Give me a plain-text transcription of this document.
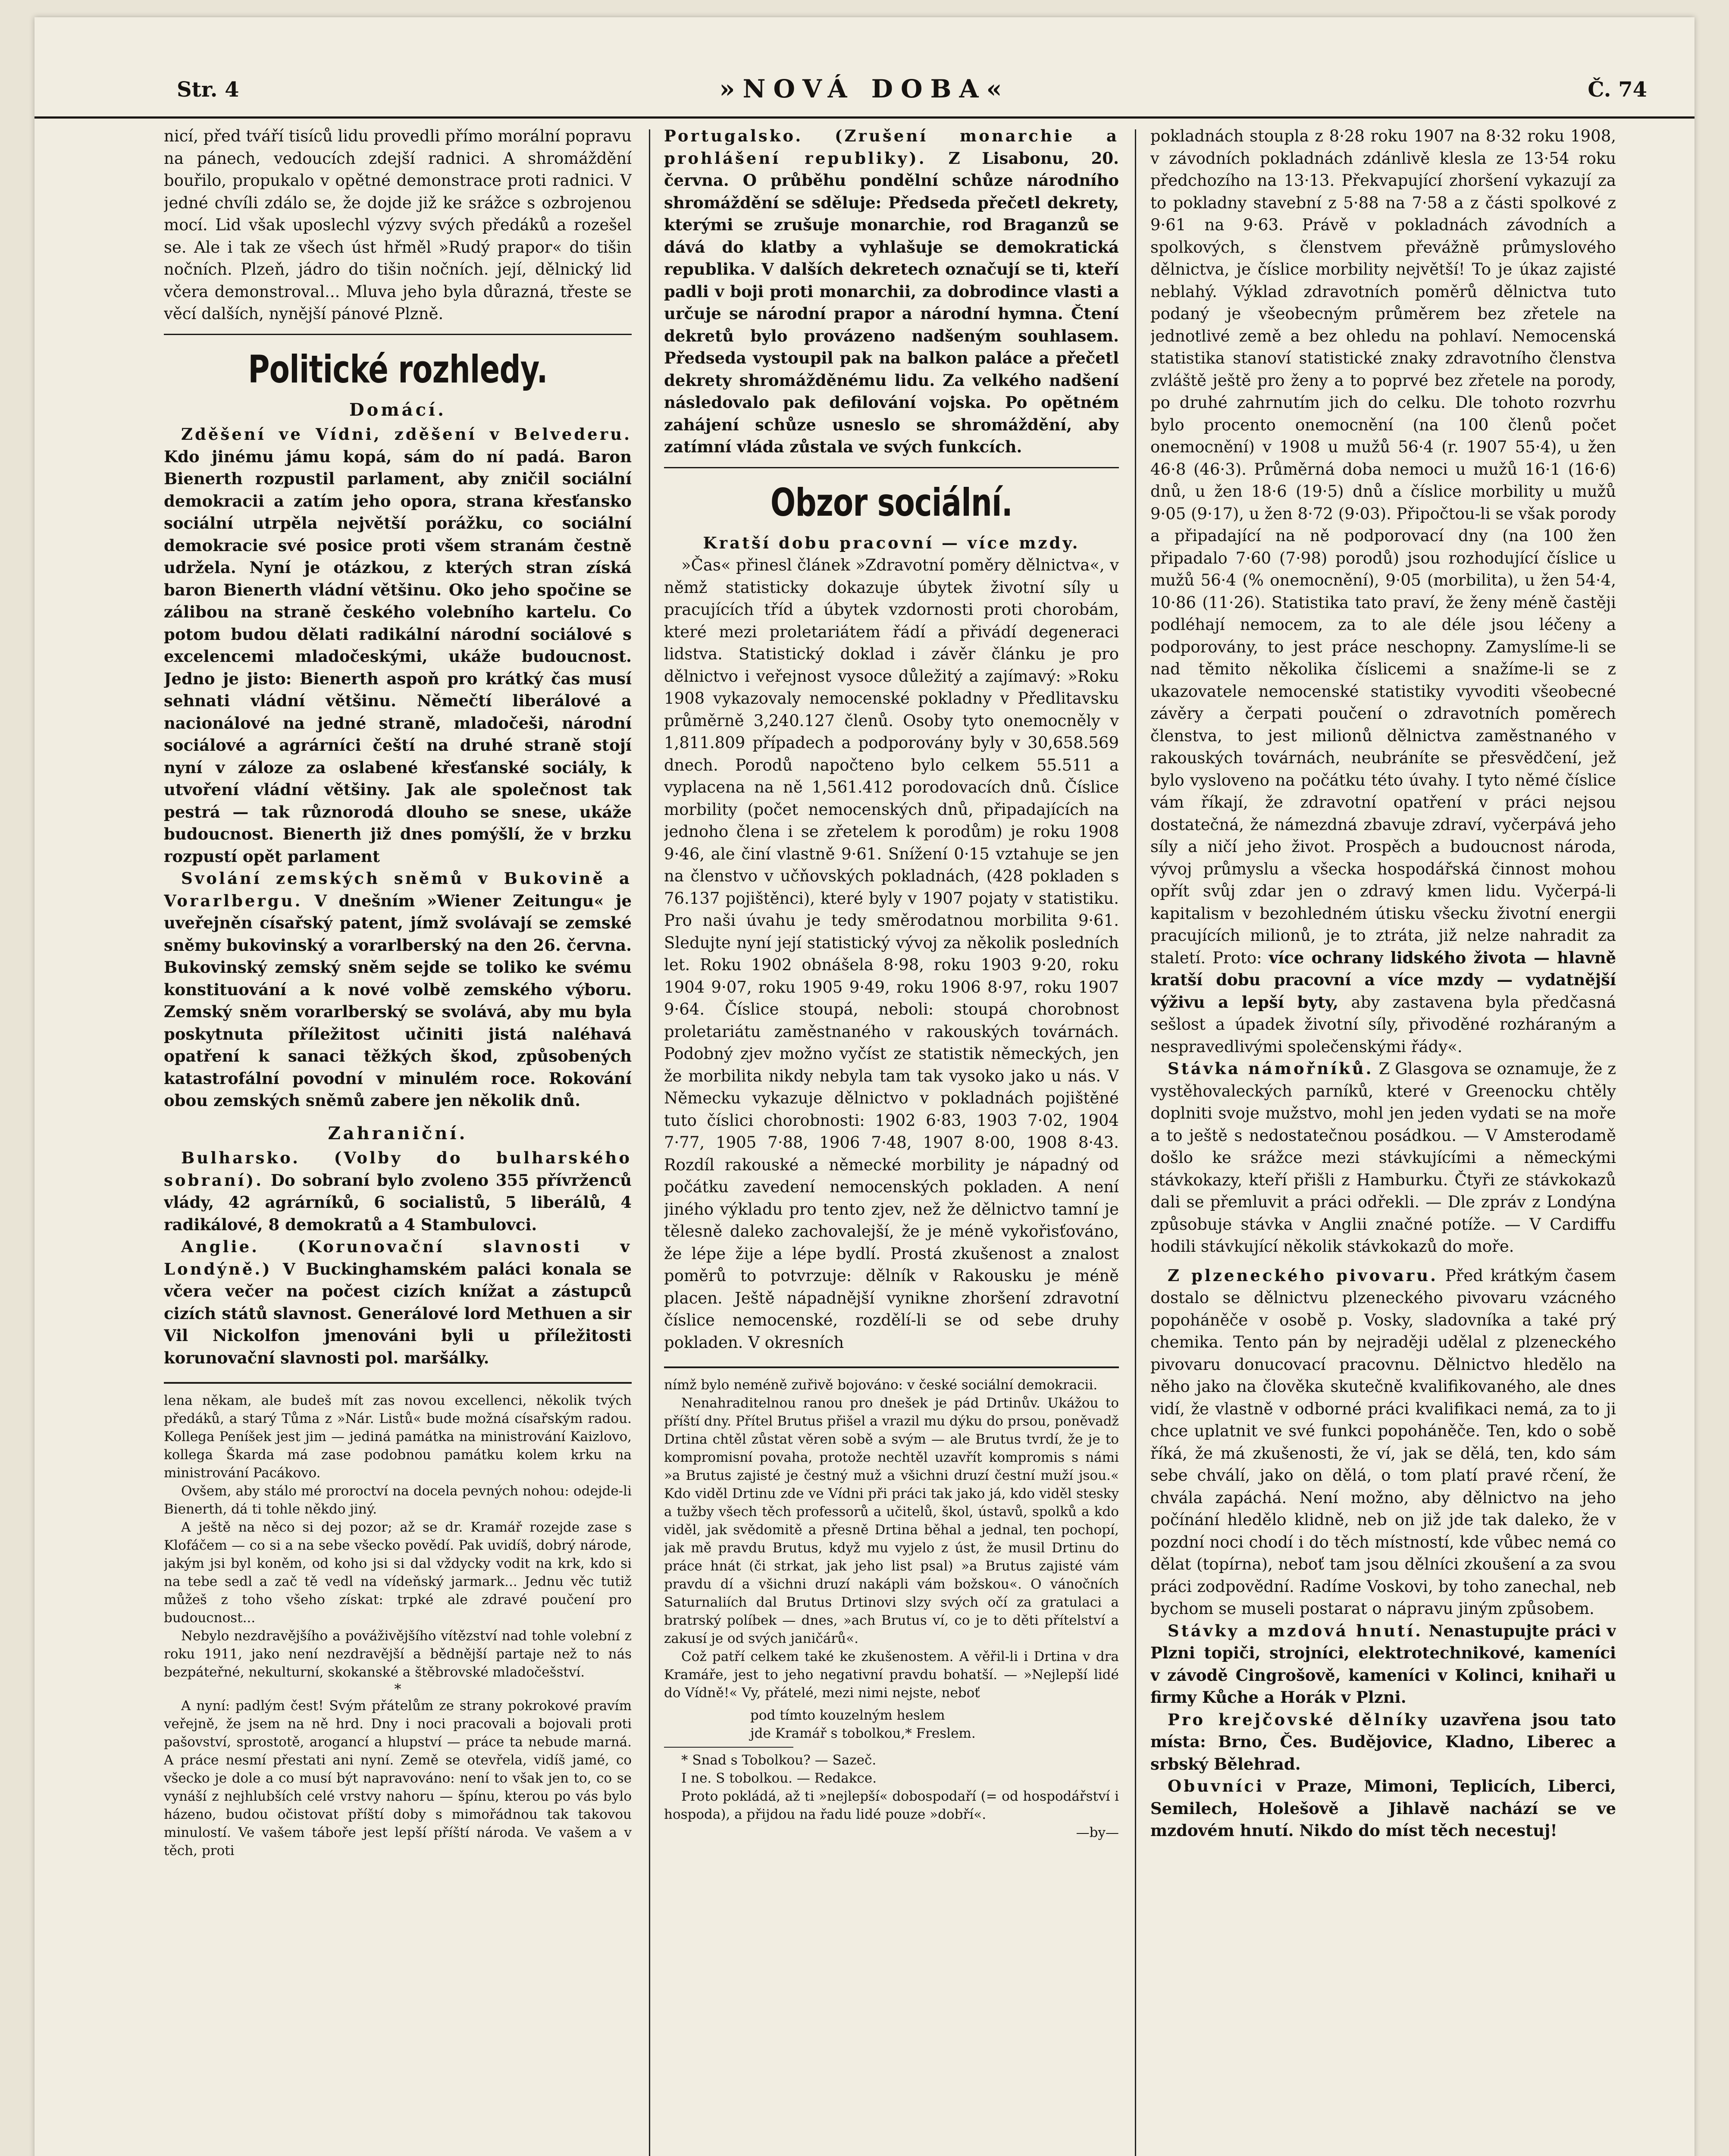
Str. 4	»NOVÁ DOBA«	Č. 74

nicí, před tváří tisíců lidu provedli přímo morální popravu na pánech, vedoucích zdejší radnici. A shromáždění bouřilo, propukalo v opětné demonstrace proti radnici. V jedné chvíli zdálo se, že dojde již ke srážce s ozbrojenou mocí. Lid však uposlechl výzvy svých předáků a rozešel se. Ale i tak ze všech úst hřměl »Rudý prapor« do tišin nočních. Plzeň, jádro do tišin nočních. její, dělnický lid včera demonstroval... Mluva jeho byla důrazná, třeste se věcí dalších, nynější pánové Plzně.

Politické rozhledy.
Domácí.

Zděšení ve Vídni, zděšení v Belvederu. Kdo jinému jámu kopá, sám do ní padá. Baron Bienerth rozpustil parlament, aby zničil sociální demokracii a zatím jeho opora, strana křesťansko sociální utrpěla největší porážku, co sociální demokracie své posice proti všem stranám čestně udržela. Nyní je otázkou, z kterých stran získá baron Bienerth vládní většinu. Oko jeho spočine se zálibou na straně českého volebního kartelu. Co potom budou dělati radikální národní sociálové s excelencemi mladočeskými, ukáže budoucnost. Jedno je jisto: Bienerth aspoň pro krátký čas musí sehnati vládní většinu. Němečtí liberálové a nacionálové na jedné straně, mladočeši, národní sociálové a agrárníci čeští na druhé straně stojí nyní v záloze za oslabené křesťanské sociály, k utvoření vládní většiny. Jak ale společnost tak pestrá — tak různorodá dlouho se snese, ukáže budoucnost. Bienerth již dnes pomýšlí, že v brzku rozpustí opět parlament

Svolání zemských sněmů v Bukovině a Vorarlbergu. V dnešním »Wiener Zeitungu« je uveřejněn císařský patent, jímž svolávají se zemské sněmy bukovinský a vorarlberský na den 26. června. Bukovinský zemský sněm sejde se toliko ke svému konstituování a k nové volbě zemského výboru. Zemský sněm vorarlberský se svolává, aby mu byla poskytnuta příležitost učiniti jistá naléhavá opatření k sanaci těžkých škod, způsobených katastrofální povodní v minulém roce. Rokování obou zemských sněmů zabere jen několik dnů.

Zahraniční.

Bulharsko. (Volby do bulharského sobraní). Do sobraní bylo zvoleno 355 přívrženců vlády, 42 agrárníků, 6 socialistů, 5 liberálů, 4 radikálové, 8 demokratů a 4 Stambulovci.

Anglie. (Korunovační slavnosti v Londýně.) V Buckinghamském paláci konala se včera večer na počest cizích knížat a zástupců cizích států slavnost. Generálové lord Methuen a sir Vil Nickolfon jmenováni byli u příležitosti korunovační slavnosti pol. maršálky.

lena někam, ale budeš mít zas novou excellenci, několik tvých předáků, a starý Tůma z »Nár. Listů« bude možná císařským radou. Kollega Peníšek jest jim — jediná památka na ministrování Kaizlovo, kollega Škarda má zase podobnou památku kolem krku na ministrování Pacákovo.

Ovšem, aby stálo mé proroctví na docela pevných nohou: odejde-li Bienerth, dá ti tohle někdo jiný.

A ještě na něco si dej pozor; až se dr. Kramář rozejde zase s Klofáčem — co si a na sebe všecko povědí. Pak uvidíš, dobrý národe, jakým jsi byl koněm, od koho jsi si dal vždycky vodit na krk, kdo si na tebe sedl a zač tě vedl na vídeňský jarmark... Jednu věc tutiž můžeš z toho všeho získat: trpké ale zdravé poučení pro budoucnost...

Nebylo nezdravějšího a pováživějšího vítězství nad tohle volební z roku 1911, jako není nezdravější a bědnější partaje než to nás bezpáteřné, nekulturní, skokanské a štěbrovské mladočešství.

*

A nyní: padlým čest! Svým přátelům ze strany pokrokové pravím veřejně, že jsem na ně hrd. Dny i noci pracovali a bojovali proti pašovství, sprostotě, arogancí a hlupství — práce ta nebude marná. A práce nesmí přestati ani nyní. Země se otevřela, vidíš jamé, co všecko je dole a co musí být napravováno: není to však jen to, co se vynáší z nejhlubších celé vrstvy nahoru — špínu, kterou po vás bylo házeno, budou očistovat příští doby s mimořádnou tak takovou minulostí. Ve vašem táboře jest lepší příští národa. Ve vašem a v těch, proti

Portugalsko. (Zrušení monarchie a prohlášení republiky). Z Lisabonu, 20. června. O průběhu pondělní schůze národního shromáždění se sděluje: Předseda přečetl dekrety, kterými se zrušuje monarchie, rod Braganzů se dává do klatby a vyhlašuje se demokratická republika. V dalších dekretech označují se ti, kteří padli v boji proti monarchii, za dobrodince vlasti a určuje se národní prapor a národní hymna. Čtení dekretů bylo provázeno nadšeným souhlasem. Předseda vystoupil pak na balkon paláce a přečetl dekrety shromážděnému lidu. Za velkého nadšení následovalo pak defilování vojska. Po opětném zahájení schůze usneslo se shromáždění, aby zatímní vláda zůstala ve svých funkcích.

Obzor sociální.

Kratší dobu pracovní — více mzdy.

»Čas« přinesl článek »Zdravotní poměry dělnictva«, v němž statisticky dokazuje úbytek životní síly u pracujících tříd a úbytek vzdornosti proti chorobám, které mezi proletariátem řádí a přivádí degeneraci lidstva. Statistický doklad i závěr článku je pro dělnictvo i veřejnost vysoce důležitý a zajímavý: »Roku 1908 vykazovaly nemocenské pokladny v Předlitavsku průměrně 3,240.127 členů. Osoby tyto onemocněly v 1,811.809 případech a podporovány byly v 30,658.569 dnech. Porodů napočteno bylo celkem 55.511 a vyplacena na ně 1,561.412 porodovacích dnů. Číslice morbility (počet nemocenských dnů, připadajících na jednoho člena i se zřetelem k porodům) je roku 1908 9·46, ale činí vlastně 9·61. Snížení 0·15 vztahuje se jen na členstvo v učňovských pokladnách, (428 pokladen s 76.137 pojištěnci), které byly v 1907 pojaty v statistiku. Pro naši úvahu je tedy směrodatnou morbilita 9·61. Sledujte nyní její statistický vývoj za několik posledních let. Roku 1902 obnášela 8·98, roku 1903 9·20, roku 1904 9·07, roku 1905 9·49, roku 1906 8·97, roku 1907 9·64. Číslice stoupá, neboli: stoupá chorobnost proletariátu zaměstnaného v rakouských továrnách. Podobný zjev možno vyčíst ze statistik německých, jen že morbilita nikdy nebyla tam tak vysoko jako u nás. V Německu vykazuje dělnictvo v pokladnách pojištěné tuto číslici chorobnosti: 1902 6·83, 1903 7·02, 1904 7·77, 1905 7·88, 1906 7·48, 1907 8·00, 1908 8·43. Rozdíl rakouské a německé morbility je nápadný od počátku zavedení nemocenských pokladen. A není jiného výkladu pro tento zjev, než že dělnictvo tamní je tělesně daleko zachovalejší, že je méně vykořisťováno, že lépe žije a lépe bydlí. Prostá zkušenost a znalost poměrů to potvrzuje: dělník v Rakousku je méně placen. Ještě nápadnější vynikne zhoršení zdravotní číslice nemocenské, rozdělí-li se od sebe druhy pokladen. V okresních

nímž bylo neméně zuřivě bojováno: v české sociální demokracii.

Nenahraditelnou ranou pro dnešek je pád Drtinův. Ukážou to příští dny. Přítel Brutus přišel a vrazil mu dýku do prsou, poněvadž Drtina chtěl zůstat věren sobě a svým — ale Brutus tvrdí, že je to kompromisní povaha, protože nechtěl uzavřít kompromis s námi »a Brutus zajisté je čestný muž a všichni druzí čestní muží jsou.« Kdo viděl Drtinu zde ve Vídni při práci tak jako já, kdo viděl stesky a tužby všech těch professorů a učitelů, škol, ústavů, spolků a kdo viděl, jak svědomitě a přesně Drtina běhal a jednal, ten pochopí, jak mě pravdu Brutus, když mu vyjelo z úst, že musil Drtinu do práce hnát (či strkat, jak jeho list psal) »a Brutus zajisté vám pravdu dí a všichni druzí nakápli vám božskou«. O vánočních Saturnaliích dal Brutus Drtinovi slzy svých očí za gratulaci a bratrský políbek — dnes, »ach Brutus ví, co je to děti přítelství a zakusí je od svých janičárů«.

Což patří celkem také ke zkušenostem. A věřil-li i Drtina v dra Kramáře, jest to jeho negativní pravdu bohatší. — »Nejlepší lidé do Vídně!« Vy, přátelé, mezi nimi nejste, neboť

pod tímto kouzelným heslem

jde Kramář s tobolkou,* Freslem.

* Snad s Tobolkou? — Sazeč.

I ne. S tobolkou. — Redakce.

Proto pokládá, až ti »nejlepší« dobospodaří (= od hospodářství i hospoda), a přijdou na řadu lidé pouze »dobří«.

—by—

pokladnách stoupla z 8·28 roku 1907 na 8·32 roku 1908, v závodních pokladnách zdánlivě klesla ze 13·54 roku předchozího na 13·13. Překvapující zhoršení vykazují za to pokladny stavební z 5·88 na 7·58 a z části spolkové z 9·61 na 9·63. Právě v pokladnách závodních a spolkových, s členstvem převážně průmyslového dělnictva, je číslice morbility největší! To je úkaz zajisté neblahý. Výklad zdravotních poměrů dělnictva tuto podaný je všeobecným průměrem bez zřetele na jednotlivé země a bez ohledu na pohlaví. Nemocenská statistika stanoví statistické znaky zdravotního členstva zvláště ještě pro ženy a to poprvé bez zřetele na porody, po druhé zahrnutím jich do celku. Dle tohoto rozvrhu bylo procento onemocnění (na 100 členů počet onemocnění) v 1908 u mužů 56·4 (r. 1907 55·4), u žen 46·8 (46·3). Průměrná doba nemoci u mužů 16·1 (16·6) dnů, u žen 18·6 (19·5) dnů a číslice morbility u mužů 9·05 (9·17), u žen 8·72 (9·03). Připočtou-li se však porody a připadající na ně podporovací dny (na 100 žen připadalo 7·60 (7·98) porodů) jsou rozhodující číslice u mužů 56·4 (% onemocnění), 9·05 (morbilita), u žen 54·4, 10·86 (11·26). Statistika tato praví, že ženy méně častěji podléhají nemocem, za to ale déle jsou léčeny a podporovány, to jest práce neschopny. Zamyslíme-li se nad těmito několika číslicemi a snažíme-li se z ukazovatele nemocenské statistiky vyvoditi všeobecné závěry a čerpati poučení o zdravotních poměrech členstva, to jest milionů dělnictva zaměstnaného v rakouských továrnách, neubráníte se přesvědčení, jež bylo vysloveno na počátku této úvahy. I tyto němé číslice vám říkají, že zdravotní opatření v práci nejsou dostatečná, že námezdná zbavuje zdraví, vyčerpává jeho síly a ničí jeho život. Prospěch a budoucnost národa, vývoj průmyslu a všecka hospodářská činnost mohou opřít svůj zdar jen o zdravý kmen lidu. Vyčerpá-li kapitalism v bezohledném útisku všecku životní energii pracujících milionů, je to ztráta, již nelze nahradit za staletí. Proto: více ochrany lidského života — hlavně kratší dobu pracovní a více mzdy — vydatnější výživu a lepší byty, aby zastavena byla předčasná sešlost a úpadek životní síly, přivoděné rozháraným a nespravedlivými společenskými řády«.

Stávka námořníků. Z Glasgova se oznamuje, že z vystěhovaleckých parníků, které v Greenocku chtěly doplniti svoje mužstvo, mohl jen jeden vydati se na moře a to ještě s nedostatečnou posádkou. — V Amsterodamě došlo ke srážce mezi stávkujícími a německými stávkokazy, kteří přišli z Hamburku. Čtyři ze stávkokazů dali se přemluvit a práci odřekli. — Dle zpráv z Londýna způsobuje stávka v Anglii značné potíže. — V Cardiffu hodili stávkující několik stávkokazů do moře.

Z plzeneckého pivovaru. Před krátkým časem dostalo se dělnictvu plzeneckého pivovaru vzácného popoháněče v osobě p. Vosky, sladovníka a také prý chemika. Tento pán by nejraději udělal z plzeneckého pivovaru donucovací pracovnu. Dělnictvo hledělo na něho jako na člověka skutečně kvalifikovaného, ale dnes vidí, že vlastně v odborné práci kvalifikaci nemá, za to ji chce uplatnit ve své funkci popoháněče. Ten, kdo o sobě říká, že má zkušenosti, že ví, jak se dělá, ten, kdo sám sebe chválí, jako on dělá, o tom platí pravé rčení, že chvála zapáchá. Není možno, aby dělnictvo na jeho počínání hledělo klidně, neb on již jde tak daleko, že v pozdní noci chodí i do těch místností, kde vůbec nemá co dělat (topírna), neboť tam jsou dělníci zkoušení a za svou práci zodpovědní. Radíme Voskovi, by toho zanechal, neb bychom se museli postarat o nápravu jiným způsobem.

Stávky a mzdová hnutí. Nenastupujte práci v Plzni topiči, strojníci, elektrotechnikové, kameníci v závodě Cingrošově, kameníci v Kolinci, knihaři u firmy Kůche a Horák v Plzni.

Pro krejčovské dělníky uzavřena jsou tato místa: Brno, Čes. Budějovice, Kladno, Liberec a srbský Bělehrad.

Obuvníci v Praze, Mimoni, Teplicích, Liberci, Semilech, Holešově a Jihlavě nachází se ve mzdovém hnutí. Nikdo do míst těch necestuj!
